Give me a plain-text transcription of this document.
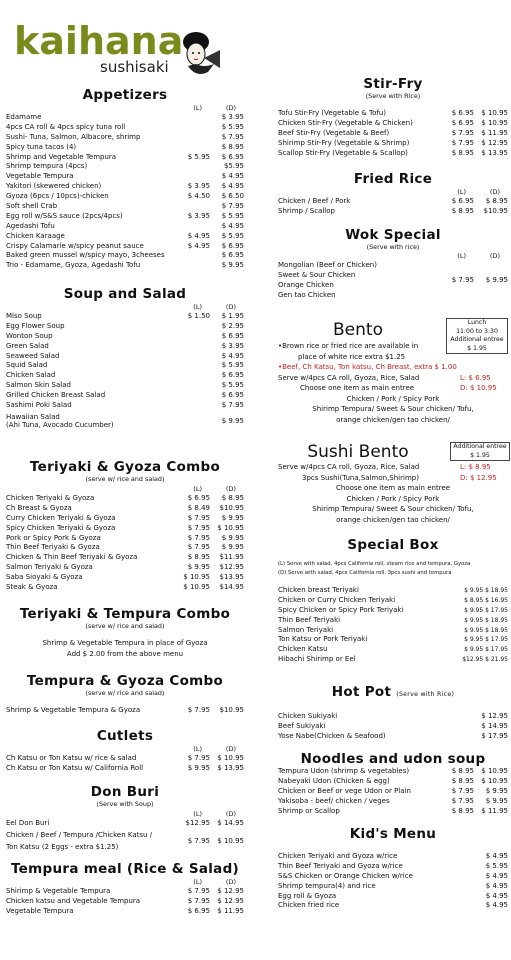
kaihana
sushisaki
Appetizers
(L)	(D)
Edamame	$ 3.95
4pcs CA roll & 4pcs spicy tuna roll	$ 5.95
Sushi- Tuna, Salmon, Albacore, shrimp	$ 7.95
Spicy tuna tacos (4)	$ 8.95
Shrimp and Vegetable Tempura	$ 5.95 $ 6.95
Shrimp tempura (4pcs)	$5.95
Vegetable Tempura	$ 4.95
Yakitori (skewered chicken)	$ 3.95 $ 4.95
Gyoza (6pcs / 10pcs)-chicken	$ 4.50 $ 6.50
Soft shell Crab	$ 7.95
Egg roll w/S&S sauce (2pcs/4pcs)	$ 3.95 $ 5.95
Agedashi Tofu	$ 4.95
Chicken Karaage	$ 4.95 $ 5.95
Crispy Calamarie w/spicy peanut sauce	$ 4.95 $ 6.95
Baked green mussel w/spicy mayo, 3cheeses	$ 6.95
Trio - Edamame, Gyoza, Agedashi Tofu	$ 9.95
Soup and Salad
(L)	(D)
Miso Soup	$ 1.50 $ 1.95
Egg Flower Soup	$ 2.95
Wonton Soup	$ 6.95
Green Salad	$ 3.95
Seaweed Salad	$ 4.95
Squid Salad	$ 5.95
Chicken Salad	$ 6.95
Salmon Skin Salad	$ 5.95
Grilled Chicken Breast Salad	$ 6.95
Sashimi Poki Salad	$ 7.95
Hawaiian Salad	$ 9.95
(Ahi Tuna, Avocado Cucumber)
Teriyaki & Gyoza Combo
(serve w/ rice and salad)
(L)	(D)
Chicken Teriyaki & Gyoza	$ 6.95 $ 8.95
Ch Breast & Gyoza	$ 8.49 $10.95
Curry Chicken Teriyaki & Gyoza	$ 7.95 $ 9.95
Spicy Chicken Teriyaki & Gyoza	$ 7.95 $ 10.95
Pork or Spicy Pork & Gyoza	$ 7.95 $ 9.95
Thin Beef Teriyaki & Gyoza	$ 7.95 $ 9.95
Chicken & Thin Beef Teriyaki & Gyoza	$ 8.95 $11.95
Salmon Teriyaki & Gyoza	$ 9.95 $12.95
Saba Sioyaki & Gyoza	$ 10.95 $13.95
Steak & Gyoza	$ 10.95 $14.95
Teriyaki & Tempura Combo
(serve w/ rice and salad)
Shrimp & Vegetable Tempura in place of Gyoza
Add $ 2.00 from the above menu
Tempura & Gyoza Combo
(serve w/ rice and salad)
Shrimp & Vegetable Tempura & Gyoza	$ 7.95 $10.95
Cutlets
(L)	(D)
Ch Katsu or Ton Katsu w/ rice & salad	$ 7.95 $ 10.95
Ch Katsu or Ton Katsu w/ California Roll	$ 9.95 $ 13.95
Don Buri
(Serve with Soup)
(L)	(D)
Eel Don Buri	$12.95 $ 14.95
Chicken / Beef / Tempura /Chicken Katsu /
Ton Katsu (2 Eggs - extra $1.25)
$ 7.95 $ 10.95
Tempura meal (Rice & Salad)
(L)	(D)
Shirimp & Vegetable Tempura	$ 7.95 $ 12.95
Chicken katsu and Vegetable Tempura	$ 7.95 $ 12.95
Vegetable Tempura	$ 6.95 $ 11.95
Stir-Fry
(Serve with Rice)
Tofu Stir-Fry (Vegetable & Tofu)	$ 6.95 $ 10.95
Chicken Stir-Fry (Vegetable & Chicken)	$ 6.95 $ 10.95
Beef Stir-Fry (Vegetable & Beef)	$ 7.95 $ 11.95
Shirimp Stir-Fry (Vegetable & Shrimp)	$ 7.95 $ 12.95
Scallop Stir-Fry (Vegetable & Scallop)	$ 8.95 $ 13.95
Fried Rice
(L)	(D)
Chicken / Beef / Pork	$ 6.95 $ 8.95
Shrimp / Scallop	$ 8.95 $10.95
Wok Special
(Serve with rice)
(L)	(D)
Mongolian (Beef or Chicken)
Sweet & Sour Chicken
Orange Chicken
$ 7.95 $ 9.95
Gen tao Chicken
Bento	Lunch
11:00 to 3:30
Additional entree
$ 1.95
•Brown rice or fried rice are available in
place of white rice extra $1.25
•Beef, Ch Katsu, Ton katsu, Ch Breast, extra $ 1.00
Serve w/4pcs CA roll, Gyoza, Rice, Salad	L: $ 6.95
Choose one item as main entree	D: $ 10.95
Chicken / Pork / Spicy Pork
Shirimp Tempura/ Sweet & Sour chicken/ Tofu,
orange chicken/gen tao chicken/
Sushi Bento	Additional entree
$ 1.95
Serve w/4pcs CA roll, Gyoza, Rice, Salad	L: $ 8.95
3pcs Sushi(Tuna,Salmon,Shirimp)	D: $ 12.95
Choose one item as main entree
Chicken / Pork / Spicy Pork
Shirimp Tempura/ Sweet & Sour chicken/ Tofu,
orange chicken/gen tao chicken/
Special Box
(L) Serve with salad, 4pcs California roll, steam rice and tempura, Gyoza
(D) Serve with salad, 4pcs California roll, 3pcs sushi and tempura
Chicken breast Teriyaki	$ 9.95 $ 18.95
Chicken or Curry Chicken Teriyaki	$ 8.95 $ 16.95
Spicy Chicken or Spicy Pork Teriyaki	$ 9.95 $ 17.95
Thin Beef Teriyaki	$ 9.95 $ 18.95
Salmon Teriyaki	$ 9.95 $ 18.95
Ton Katsu or Pork Teriyaki	$ 9.95 $ 17.95
Chicken Katsu	$ 9.95 $ 17.95
Hibachi Shirimp or Eel	$12.95 $ 21.95
Hot Pot (Serve with Rice)
Chicken Sukiyaki	$ 12.95
Beef Sukiyaki	$ 14.95
Yose Nabe(Chicken & Seafood)	$ 17.95
Noodles and udon soup
Tempura Udon (shrimp & vegetables)	$ 8.95 $ 10.95
Nabeyaki Udon (Chicken & egg)	$ 8.95 $ 10.95
Chicken or Beef or vege Udon or Plain	$ 7.95 $ 9.95
Yakisoba - beef/ chicken / veges	$ 7.95 $ 9.95
Shrimp or Scallop	$ 8.95 $ 11.95
Kid's Menu
Chicken Teriyaki and Gyoza w/rice	$ 4.95
Thin Beef Teriyaki and Gyoza w/rice	$ 5.95
S&S Chicken or Orange Chicken w/rice	$ 4.95
Shrimp tempura(4) and rice	$ 4.95
Egg roll & Gyoza	$ 4.95
Chicken fried rice	$ 4.95
